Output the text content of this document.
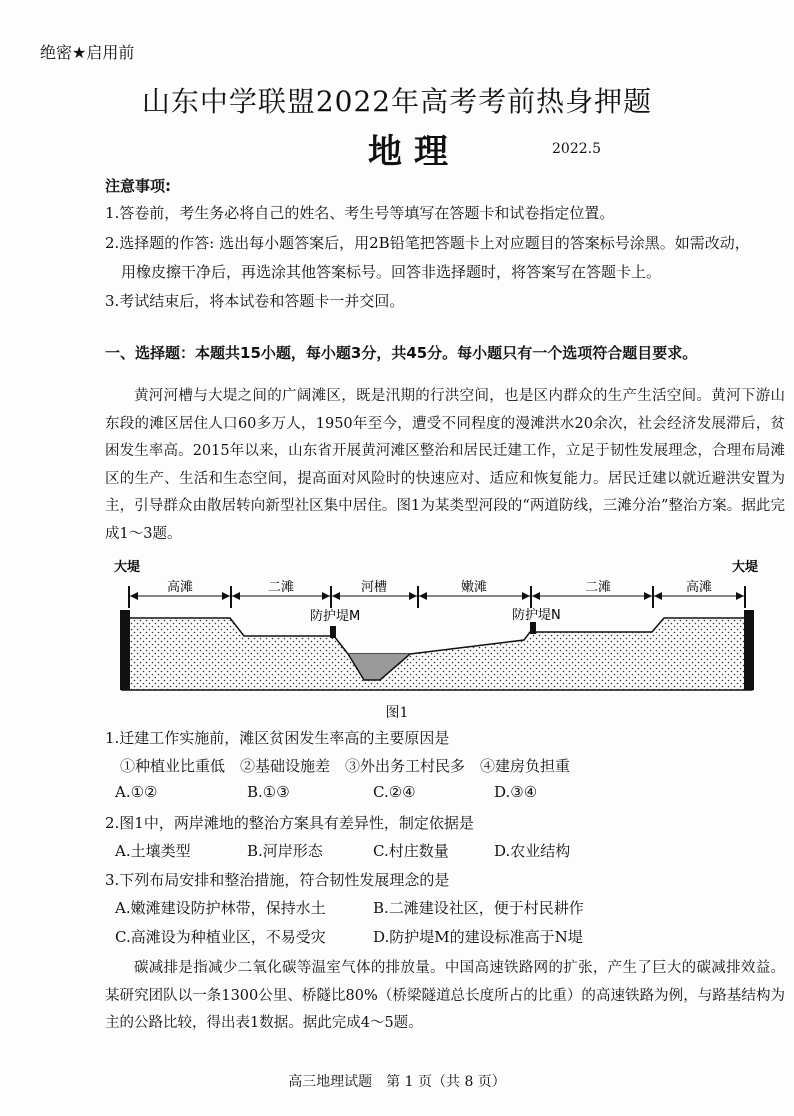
绝密★启用前
山东中学联盟2022年高考考前热身押题
地理	2022.5
注意事项:
1.答卷前，考生务必将自己的姓名、考生号等填写在答题卡和试卷指定位置。
2.选择题的作答: 选出每小题答案后，用2B铅笔把答题卡上对应题目的答案标号涂黑。如需改动，
用橡皮擦干净后，再选涂其他答案标号。回答非选择题时，将答案写在答题卡上。
3.考试结束后，将本试卷和答题卡一并交回。
一、选择题：本题共15小题，每小题3分，共45分。每小题只有一个选项符合题目要求。

黄河河槽与大堤之间的广阔滩区，既是汛期的行洪空间，也是区内群众的生产生活空间。黄河下游山东段的滩区居住人口60多万人，1950年至今，遭受不同程度的漫滩洪水20余次，社会经济发展滞后，贫困发生率高。2015年以来，山东省开展黄河滩区整治和居民迁建工作，立足于韧性发展理念，合理布局滩区的生产、生活和生态空间，提高面对风险时的快速应对、适应和恢复能力。居民迁建以就近避洪安置为主，引导群众由散居转向新型社区集中居住。图1为某类型河段的“两道防线，三滩分治”整治方案。据此完成1～3题。

大堤	大堤
高滩	二滩	河槽	嫩滩	二滩	高滩
防护堤M	防护堤N
图1
1.迁建工作实施前，滩区贫困发生率高的主要原因是
①种植业比重低　②基础设施差　③外出务工村民多　④建房负担重
A.①②	B.①③	C.②④	D.③④
2.图1中，两岸滩地的整治方案具有差异性，制定依据是
A.土壤类型	B.河岸形态	C.村庄数量	D.农业结构
3.下列布局安排和整治措施，符合韧性发展理念的是
A.嫩滩建设防护林带，保持水土	B.二滩建设社区，便于村民耕作
C.高滩设为种植业区，不易受灾	D.防护堤M的建设标准高于N堤

碳减排是指减少二氧化碳等温室气体的排放量。中国高速铁路网的扩张，产生了巨大的碳减排效益。某研究团队以一条1300公里、桥隧比80%（桥梁隧道总长度所占的比重）的高速铁路为例，与路基结构为主的公路比较，得出表1数据。据此完成4～5题。

高三地理试题　第 1 页（共 8 页）
